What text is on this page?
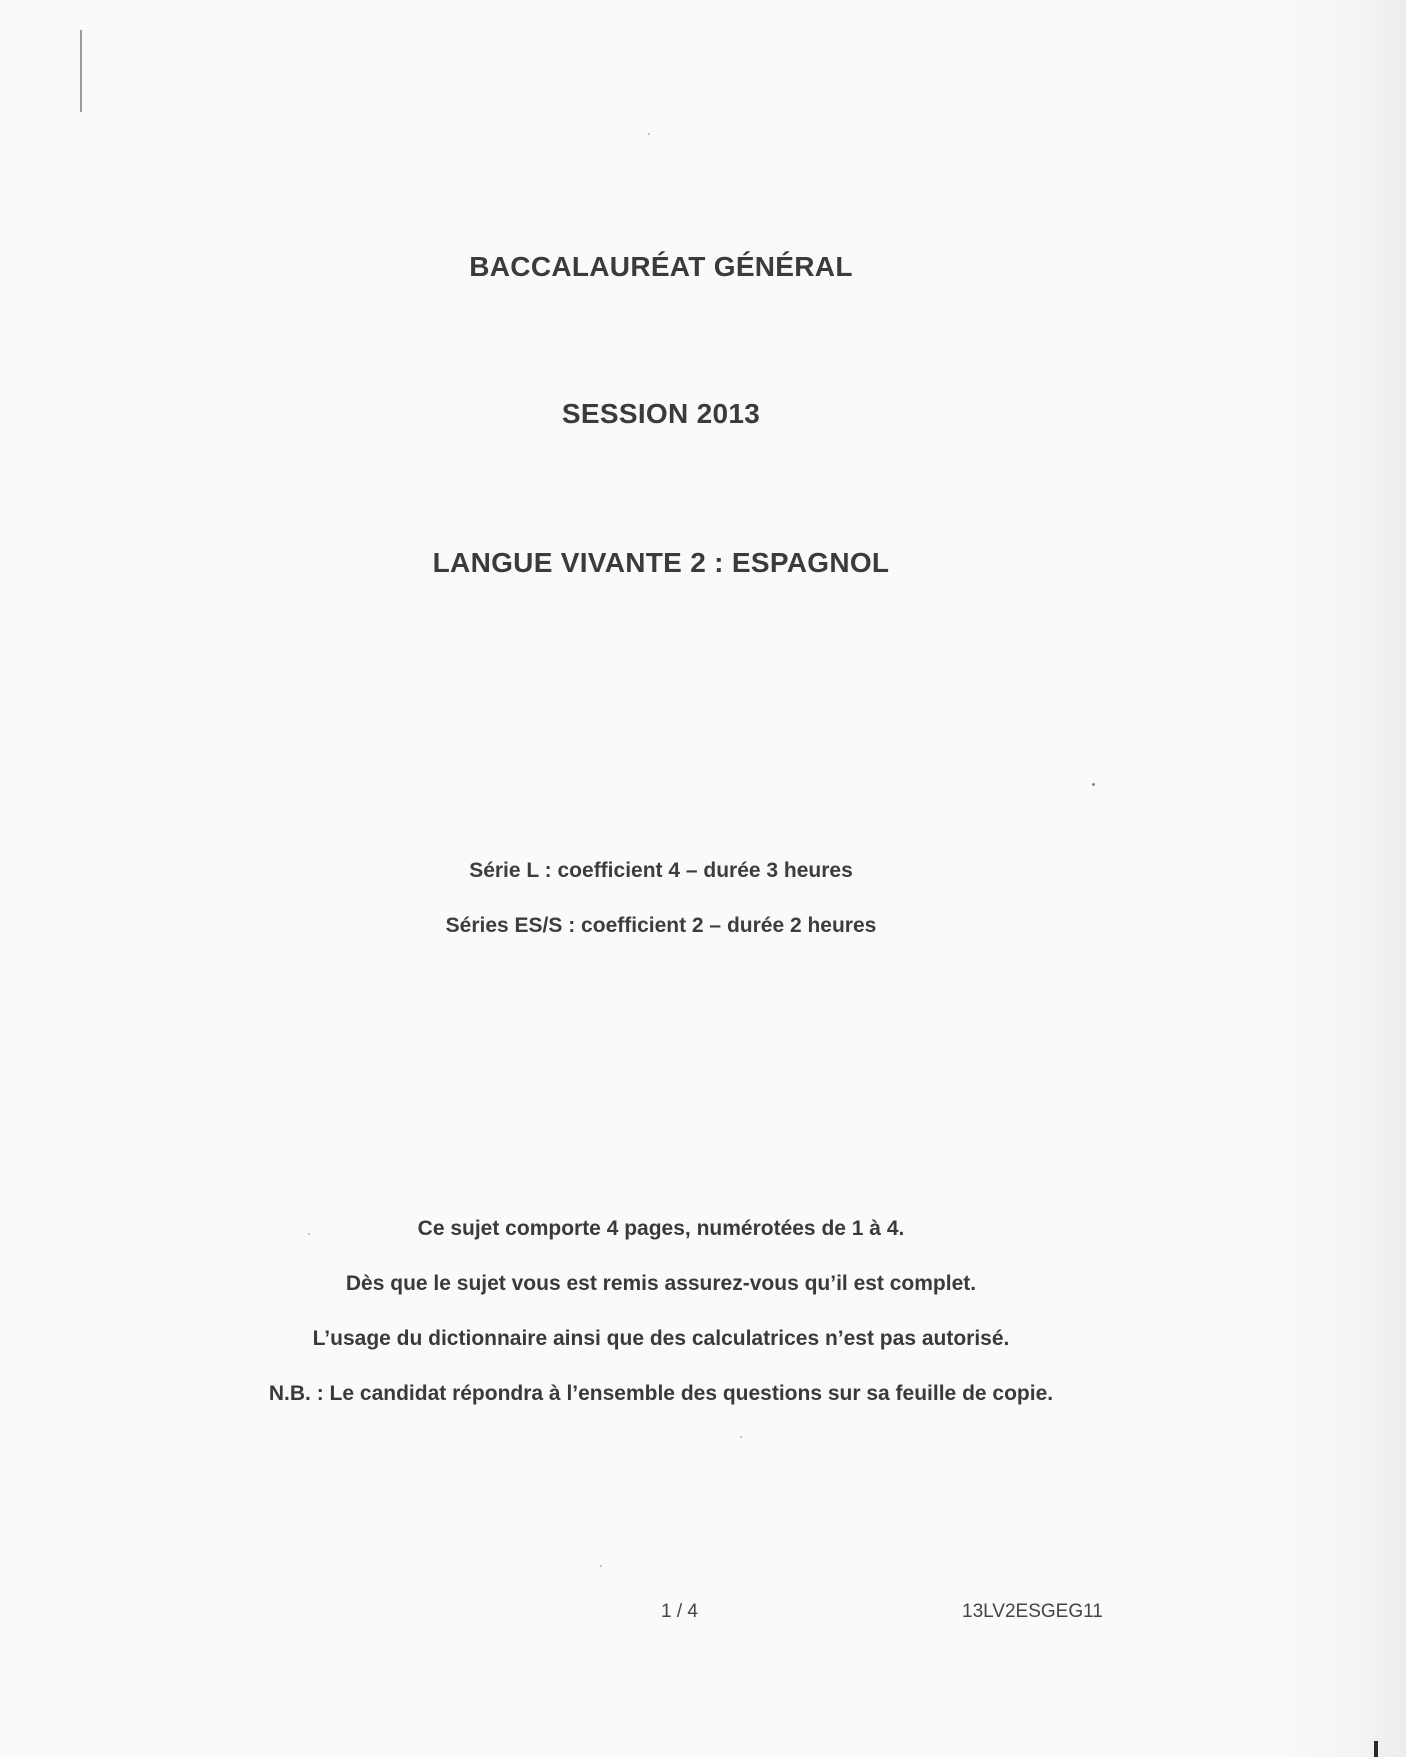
BACCALAURÉAT GÉNÉRAL
SESSION 2013
LANGUE VIVANTE 2 : ESPAGNOL
Série L : coefficient 4 – durée 3 heures
Séries ES/S : coefficient 2 – durée 2 heures
Ce sujet comporte 4 pages, numérotées de 1 à 4.
Dès que le sujet vous est remis assurez-vous qu’il est complet.
L’usage du dictionnaire ainsi que des calculatrices n’est pas autorisé.
N.B. : Le candidat répondra à l’ensemble des questions sur sa feuille de copie.
1 / 4	13LV2ESGEG11
